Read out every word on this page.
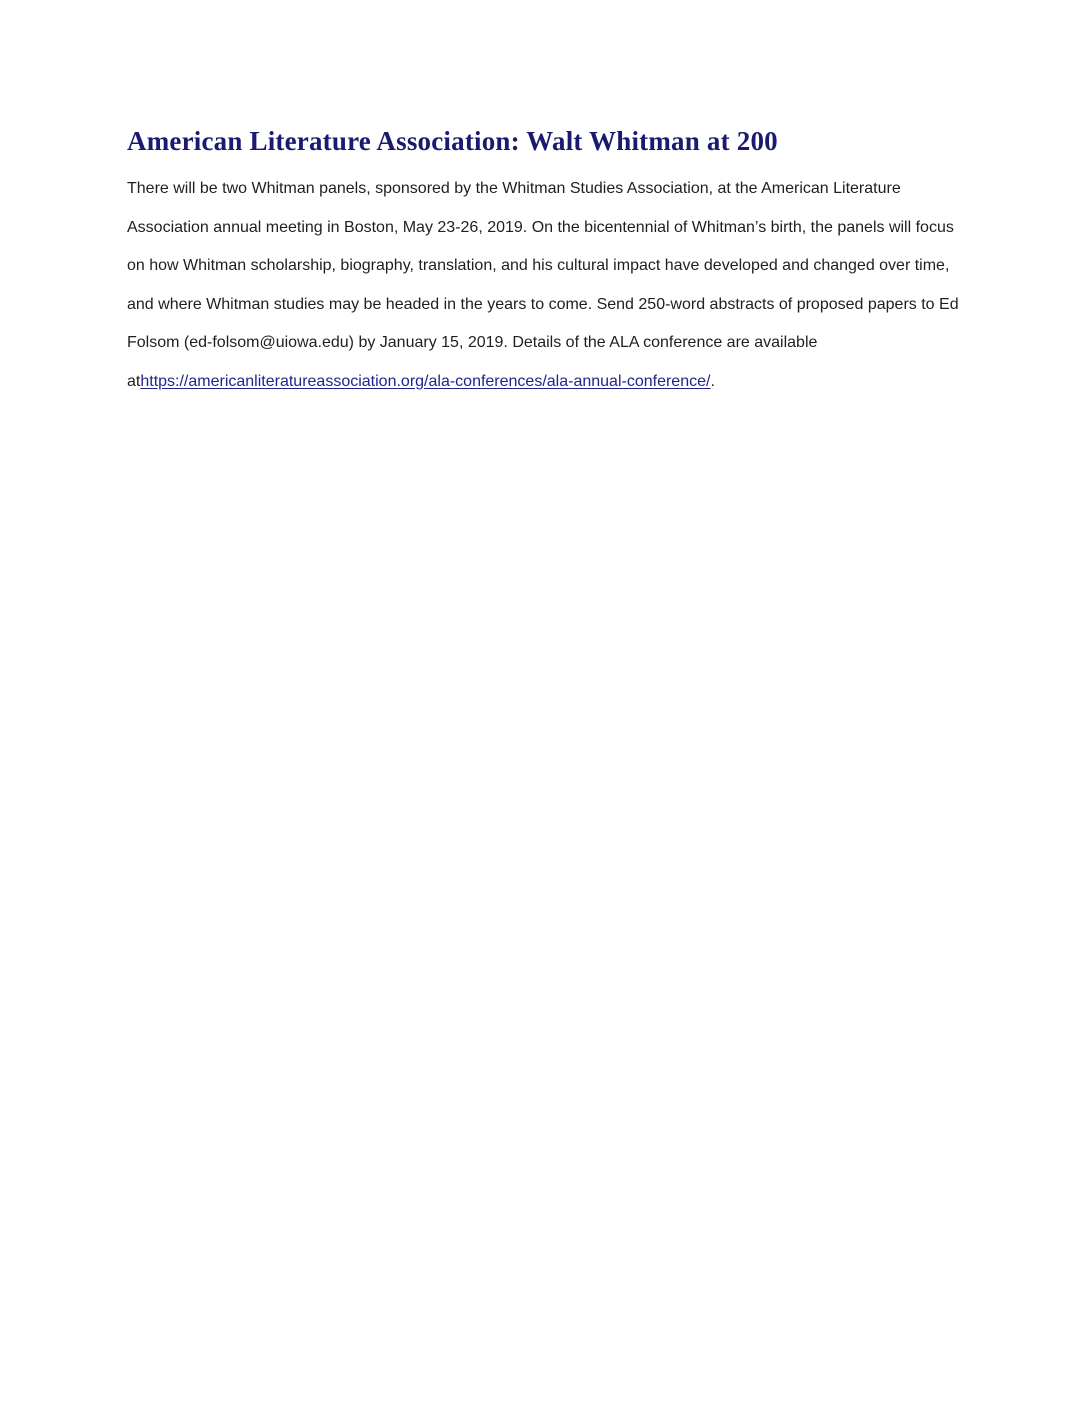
American Literature Association: Walt Whitman at 200

There will be two Whitman panels, sponsored by the Whitman Studies Association, at the American Literature Association annual meeting in Boston, May 23-26, 2019. On the bicentennial of Whitman’s birth, the panels will focus on how Whitman scholarship, biography, translation, and his cultural impact have developed and changed over time, and where Whitman studies may be headed in the years to come. Send 250-word abstracts of proposed papers to Ed Folsom (ed-folsom@uiowa.edu) by January 15, 2019. Details of the ALA conference are available athttps://americanliteratureassociation.org/ala-conferences/ala-annual-conference/.
